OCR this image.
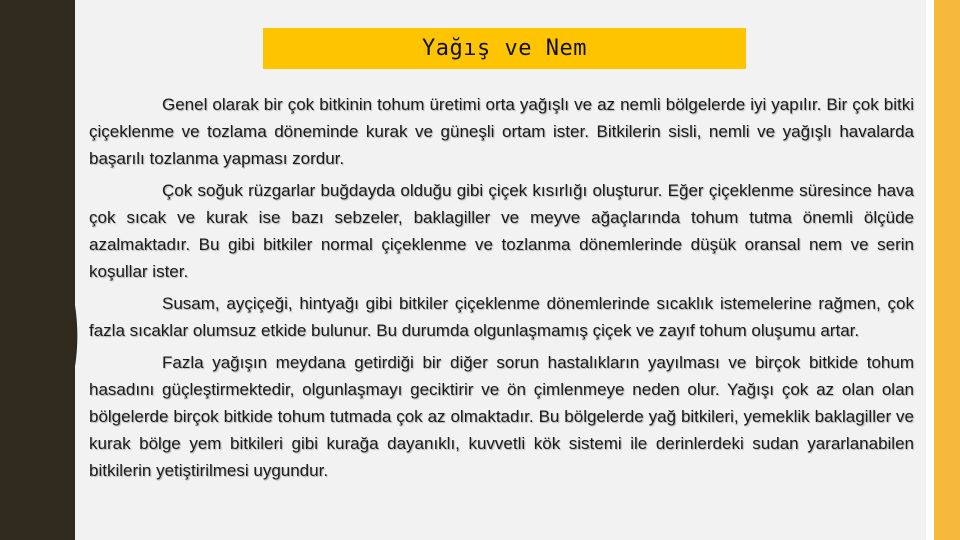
Yağış ve Nem

Genel olarak bir çok bitkinin tohum üretimi orta yağışlı ve az nemli bölgelerde iyi yapılır. Bir çok bitki çiçeklenme ve tozlama döneminde kurak ve güneşli ortam ister. Bitkilerin sisli, nemli ve yağışlı havalarda başarılı tozlanma yapması zordur.

Çok soğuk rüzgarlar buğdayda olduğu gibi çiçek kısırlığı oluşturur. Eğer çiçeklenme süresince hava çok sıcak ve kurak ise bazı sebzeler, baklagiller ve meyve ağaçlarında tohum tutma önemli ölçüde azalmaktadır. Bu gibi bitkiler normal çiçeklenme ve tozlanma dönemlerinde düşük oransal nem ve serin koşullar ister.

Susam, ayçiçeği, hintyağı gibi bitkiler çiçeklenme dönemlerinde sıcaklık istemelerine rağmen, çok fazla sıcaklar olumsuz etkide bulunur. Bu durumda olgunlaşmamış çiçek ve zayıf tohum oluşumu artar.

Fazla yağışın meydana getirdiği bir diğer sorun hastalıkların yayılması ve birçok bitkide tohum hasadını güçleştirmektedir, olgunlaşmayı geciktirir ve ön çimlenmeye neden olur. Yağışı çok az olan olan bölgelerde birçok bitkide tohum tutmada çok az olmaktadır. Bu bölgelerde yağ bitkileri, yemeklik baklagiller ve kurak bölge yem bitkileri gibi kurağa dayanıklı, kuvvetli kök sistemi ile derinlerdeki sudan yararlanabilen bitkilerin yetiştirilmesi uygundur.
